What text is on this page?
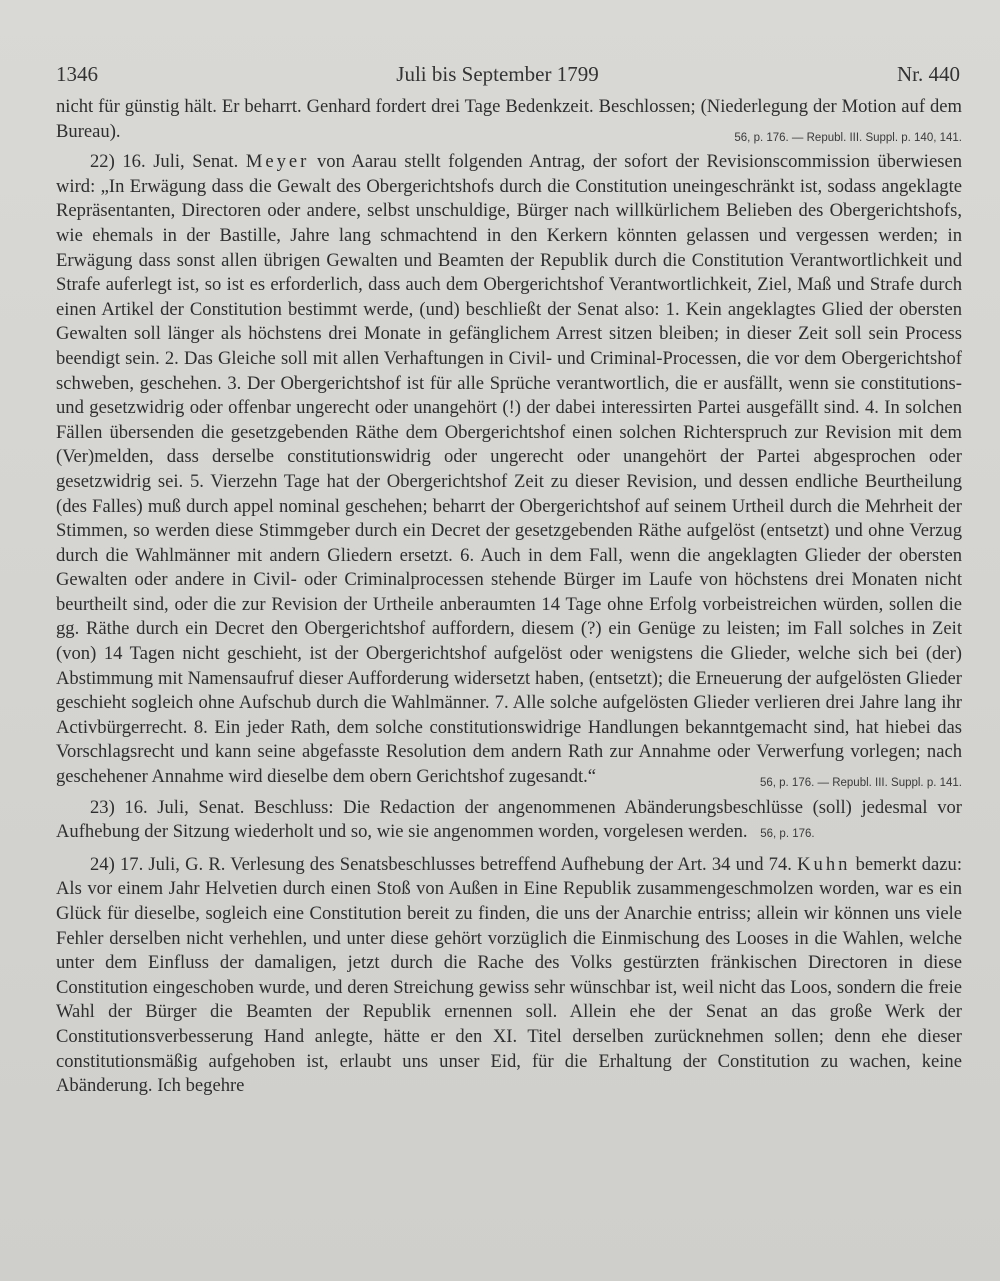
1346	Juli bis September 1799	Nr. 440

nicht für günstig hält. Er beharrt. Genhard fordert drei Tage Bedenkzeit. Beschlossen; (Niederlegung der Motion auf dem Bureau).	56, p. 176. — Republ. III. Suppl. p. 140, 141.

22) 16. Juli, Senat. Meyer von Aarau stellt folgenden Antrag, der sofort der Revisionscommission überwiesen wird: „In Erwägung dass die Gewalt des Obergerichtshofs durch die Constitution uneingeschränkt ist, sodass angeklagte Repräsentanten, Directoren oder andere, selbst unschuldige, Bürger nach willkürlichem Belieben des Obergerichtshofs, wie ehemals in der Bastille, Jahre lang schmachtend in den Kerkern könnten gelassen und vergessen werden; in Erwägung dass sonst allen übrigen Gewalten und Beamten der Republik durch die Constitution Verantwortlichkeit und Strafe auferlegt ist, so ist es erforderlich, dass auch dem Obergerichtshof Verantwortlichkeit, Ziel, Maß und Strafe durch einen Artikel der Constitution bestimmt werde, (und) beschließt der Senat also: 1. Kein angeklagtes Glied der obersten Gewalten soll länger als höchstens drei Monate in gefänglichem Arrest sitzen bleiben; in dieser Zeit soll sein Process beendigt sein. 2. Das Gleiche soll mit allen Verhaftungen in Civil- und Criminal-Processen, die vor dem Obergerichtshof schweben, geschehen. 3. Der Obergerichtshof ist für alle Sprüche verantwortlich, die er ausfällt, wenn sie constitutions- und gesetzwidrig oder offenbar ungerecht oder unangehört (!) der dabei interessirten Partei ausgefällt sind. 4. In solchen Fällen übersenden die gesetzgebenden Räthe dem Obergerichtshof einen solchen Richterspruch zur Revision mit dem (Ver)melden, dass derselbe constitutionswidrig oder ungerecht oder unangehört der Partei abgesprochen oder gesetzwidrig sei. 5. Vierzehn Tage hat der Obergerichtshof Zeit zu dieser Revision, und dessen endliche Beurtheilung (des Falles) muß durch appel nominal geschehen; beharrt der Obergerichtshof auf seinem Urtheil durch die Mehrheit der Stimmen, so werden diese Stimmgeber durch ein Decret der gesetzgebenden Räthe aufgelöst (entsetzt) und ohne Verzug durch die Wahlmänner mit andern Gliedern ersetzt. 6. Auch in dem Fall, wenn die angeklagten Glieder der obersten Gewalten oder andere in Civil- oder Criminalprocessen stehende Bürger im Laufe von höchstens drei Monaten nicht beurtheilt sind, oder die zur Revision der Urtheile anberaumten 14 Tage ohne Erfolg vorbeistreichen würden, sollen die gg. Räthe durch ein Decret den Obergerichtshof auffordern, diesem (?) ein Genüge zu leisten; im Fall solches in Zeit (von) 14 Tagen nicht geschieht, ist der Obergerichtshof aufgelöst oder wenigstens die Glieder, welche sich bei (der) Abstimmung mit Namensaufruf dieser Aufforderung widersetzt haben, (entsetzt); die Erneuerung der aufgelösten Glieder geschieht sogleich ohne Aufschub durch die Wahlmänner. 7. Alle solche aufgelösten Glieder verlieren drei Jahre lang ihr Activbürgerrecht. 8. Ein jeder Rath, dem solche constitutionswidrige Handlungen bekanntgemacht sind, hat hiebei das Vorschlagsrecht und kann seine abgefasste Resolution dem andern Rath zur Annahme oder Verwerfung vorlegen; nach geschehener Annahme wird dieselbe dem obern Gerichtshof zugesandt.“	56, p. 176. — Republ. III. Suppl. p. 141.

23) 16. Juli, Senat. Beschluss: Die Redaction der angenommenen Abänderungsbeschlüsse (soll) jedesmal vor Aufhebung der Sitzung wiederholt und so, wie sie angenommen worden, vorgelesen werden. 56, p. 176.

24) 17. Juli, G. R. Verlesung des Senatsbeschlusses betreffend Aufhebung der Art. 34 und 74. Kuhn bemerkt dazu: Als vor einem Jahr Helvetien durch einen Stoß von Außen in Eine Republik zusammengeschmolzen worden, war es ein Glück für dieselbe, sogleich eine Constitution bereit zu finden, die uns der Anarchie entriss; allein wir können uns viele Fehler derselben nicht verhehlen, und unter diese gehört vorzüglich die Einmischung des Looses in die Wahlen, welche unter dem Einfluss der damaligen, jetzt durch die Rache des Volks gestürzten fränkischen Directoren in diese Constitution eingeschoben wurde, und deren Streichung gewiss sehr wünschbar ist, weil nicht das Loos, sondern die freie Wahl der Bürger die Beamten der Republik ernennen soll. Allein ehe der Senat an das große Werk der Constitutionsverbesserung Hand anlegte, hätte er den XI. Titel derselben zurücknehmen sollen; denn ehe dieser constitutionsmäßig aufgehoben ist, erlaubt uns unser Eid, für die Erhaltung der Constitution zu wachen, keine Abänderung. Ich begehre
